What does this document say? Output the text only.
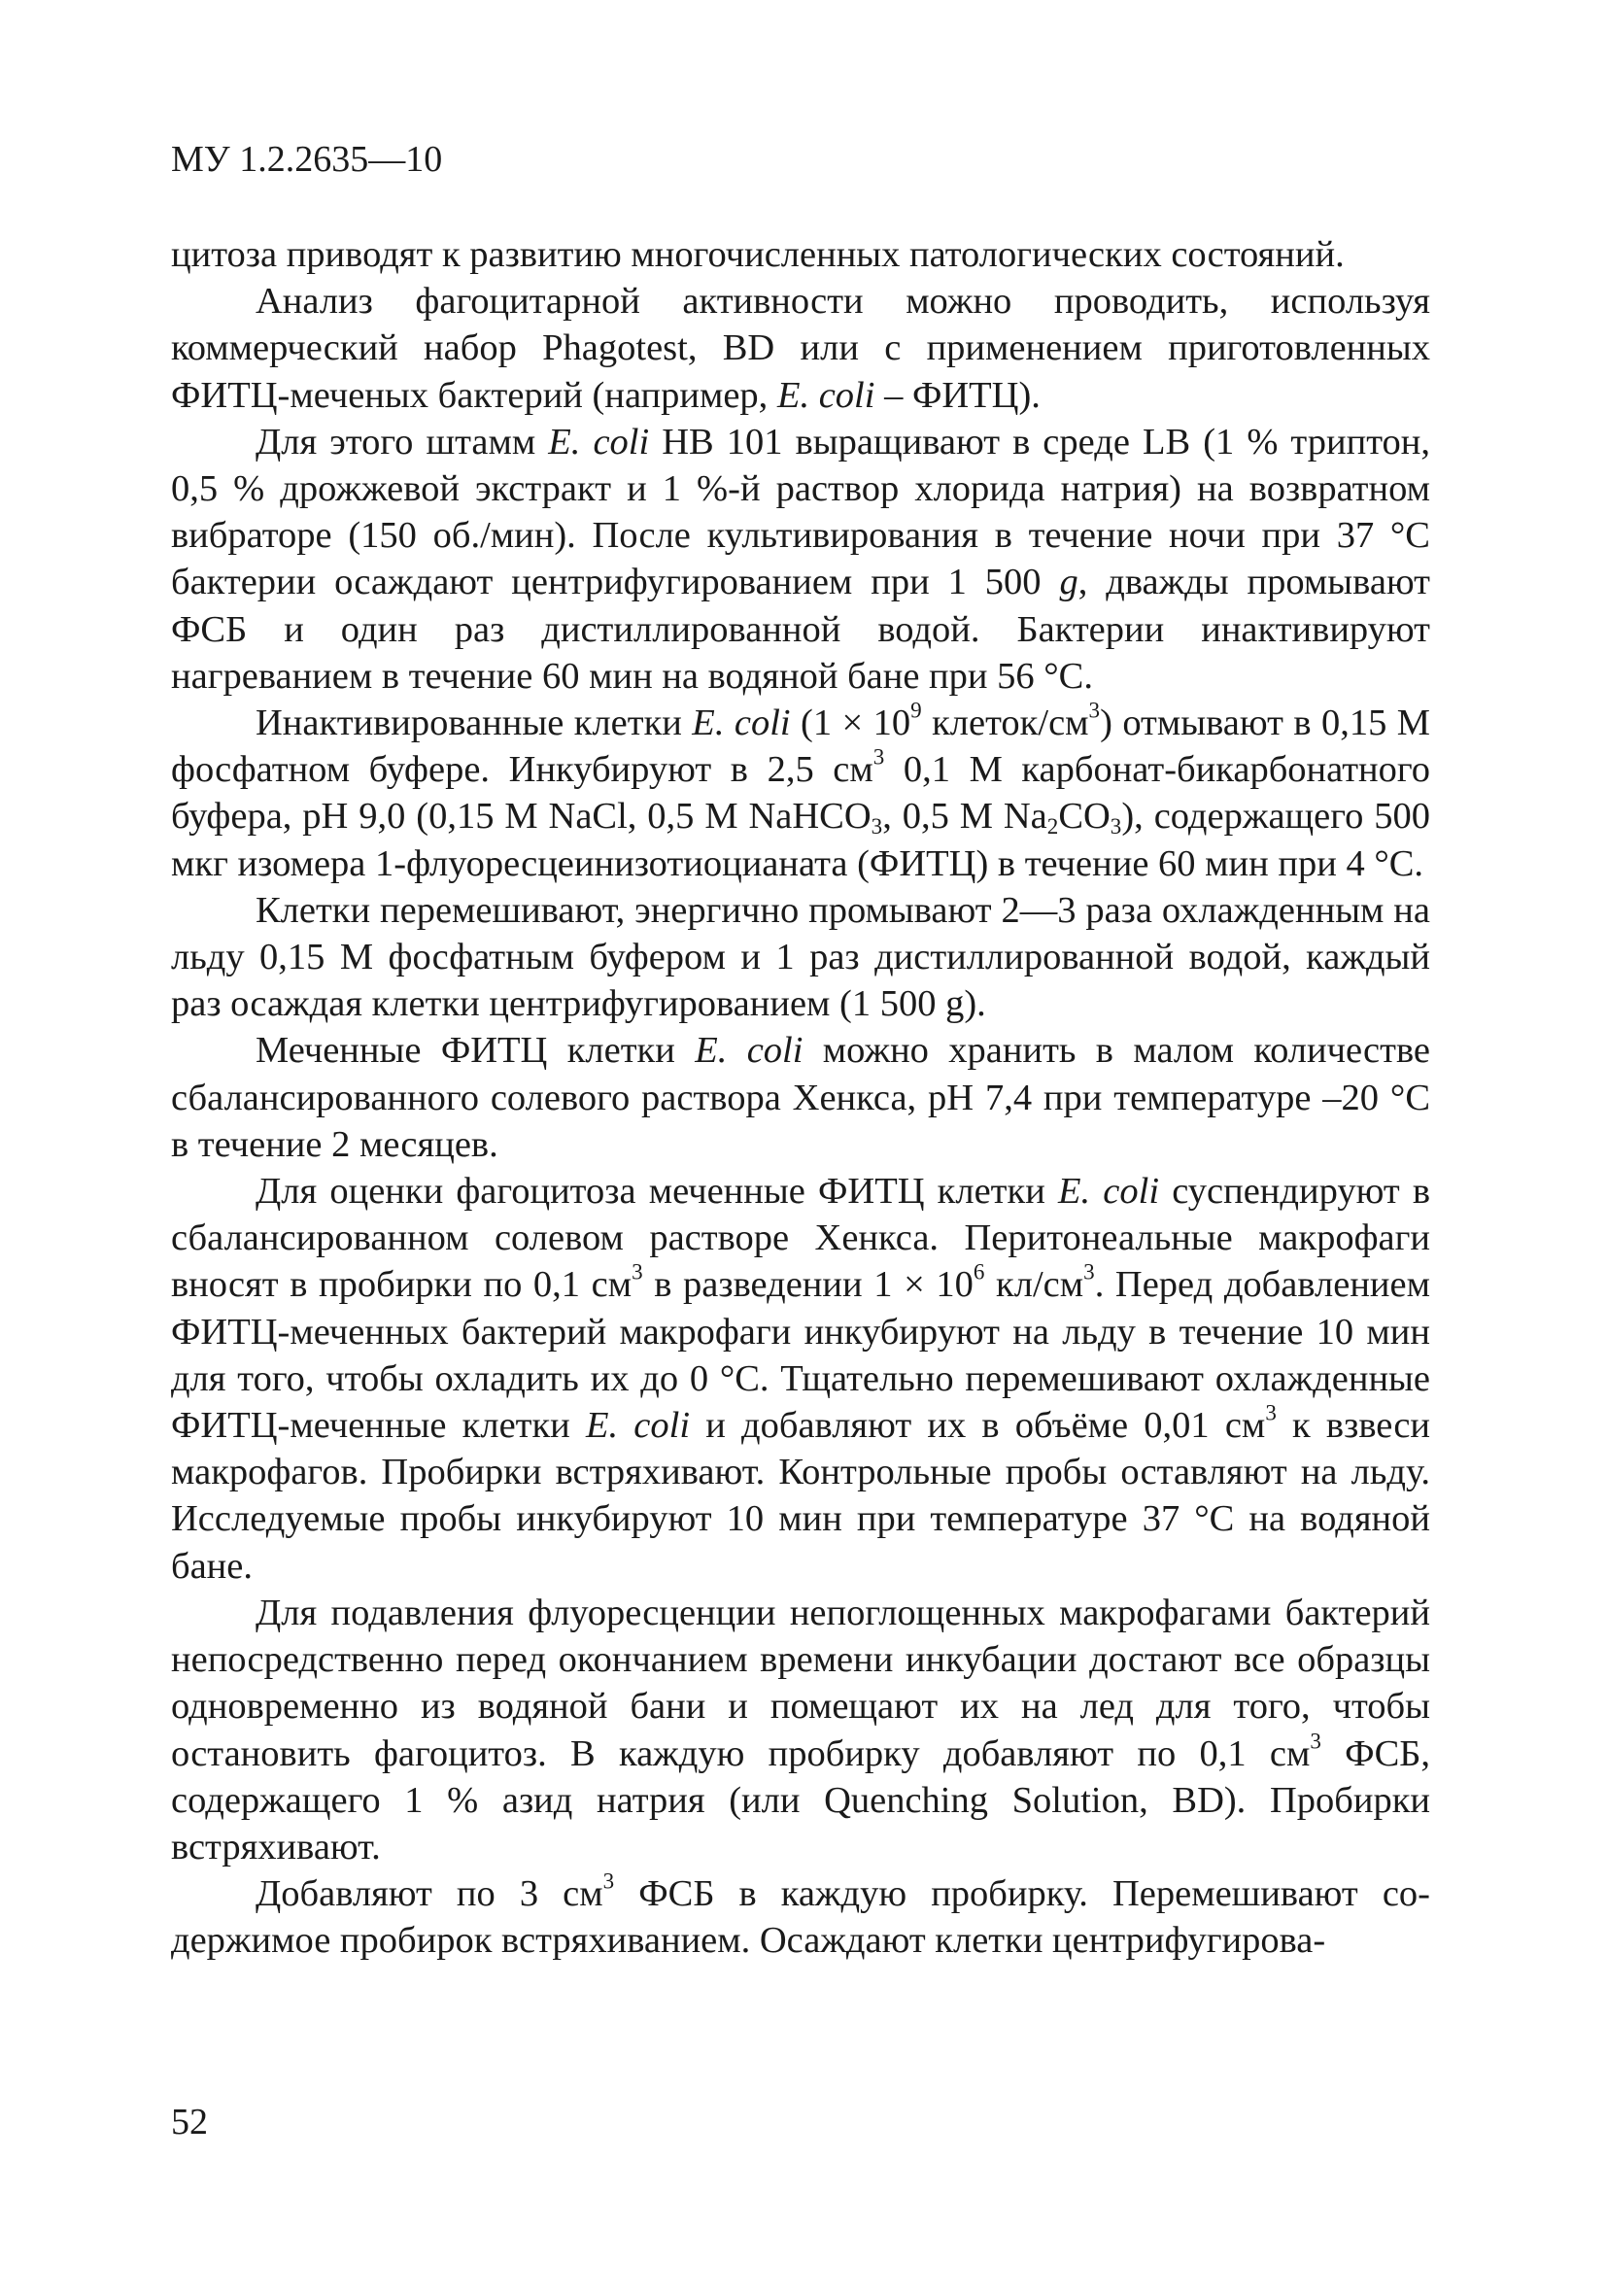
МУ 1.2.2635—10

цитоза приводят к развитию многочисленных патологических состояний.

Анализ фагоцитарной активности можно проводить, используя коммерческий набор Phagotest, BD или с применением приготовленных ФИТЦ-меченых бактерий (например, E. coli – ФИТЦ).

Для этого штамм E. coli HB 101 выращивают в среде LB (1 % триптон, 0,5 % дрожжевой экстракт и 1 %-й раствор хлорида натрия) на возвратном вибраторе (150 об./мин). После культивирования в течение ночи при 37 °C бактерии осаждают центрифугированием при 1 500 g, дважды промывают ФСБ и один раз дистиллированной водой. Бактерии инактивируют нагреванием в течение 60 мин на водяной бане при 56 °C.

Инактивированные клетки E. coli ($1 \times 10^9$ клеток/$см^3$) отмывают в 0,15 М фосфатном буфере. Инкубируют в 2,5 $см^3$ 0,1 М карбонат-бикарбонатного буфера, pH 9,0 (0,15 M NaCl, 0,5 M NaHCO$_3$, 0,5 M $Na_2CO_3$), содержащего 500 мкг изомера 1-флуоресцеинизотиоцианата (ФИТЦ) в течение 60 мин при 4 °C.

Клетки перемешивают, энергично промывают 2—3 раза охлажденным на льду 0,15 М фосфатным буфером и 1 раз дистиллированной водой, каждый раз осаждая клетки центрифугированием (1 500 g).

Меченные ФИТЦ клетки E. coli можно хранить в малом количестве сбалансированного солевого раствора Хенкса, pH 7,4 при температуре –20 °C в течение 2 месяцев.

Для оценки фагоцитоза меченные ФИТЦ клетки E. coli суспендируют в сбалансированном солевом растворе Хенкса. Перитонеальные макрофаги вносят в пробирки по 0,1 $см^3$ в разведении $1 \times 10^6$ $кл/см^3$. Перед добавлением ФИТЦ-меченных бактерий макрофаги инкубируют на льду в течение 10 мин для того, чтобы охладить их до 0 °C. Тщательно перемешивают охлажденные ФИТЦ-меченные клетки E. coli и добавляют их в объёме 0,01 $см^3$ к взвеси макрофагов. Пробирки встряхивают. Контрольные пробы оставляют на льду. Исследуемые пробы инкубируют 10 мин при температуре 37 °C на водяной бане.

Для подавления флуоресценции непоглощенных макрофагами бактерий непосредственно перед окончанием времени инкубации достают все образцы одновременно из водяной бани и помещают их на лед для того, чтобы остановить фагоцитоз. В каждую пробирку добавляют по 0,1 $см^3$ ФСБ, содержащего 1 % азид натрия (или Quenching Solution, BD). Пробирки встряхивают.

Добавляют по 3 $см^3$ ФСБ в каждую пробирку. Перемешивают содержимое пробирок встряхиванием. Осаждают клетки центрифугирова-

52
